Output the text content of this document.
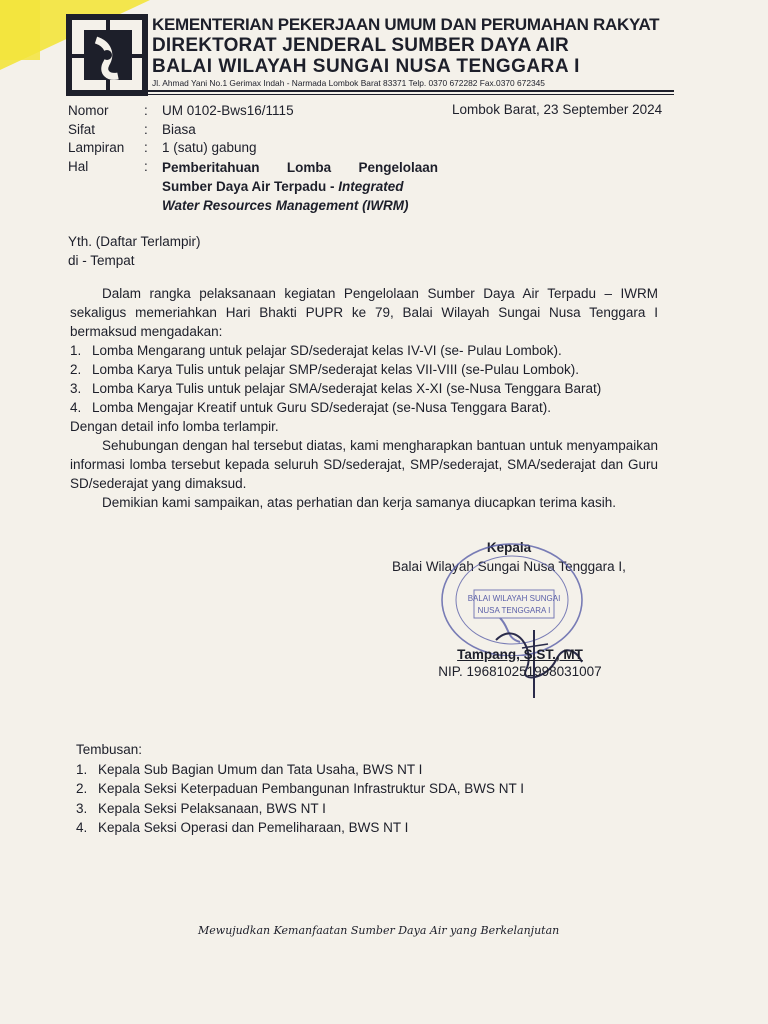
KEMENTERIAN PEKERJAAN UMUM DAN PERUMAHAN RAKYAT
DIREKTORAT JENDERAL SUMBER DAYA AIR
BALAI WILAYAH SUNGAI NUSA TENGGARA I
Jl. Ahmad Yani No.1 Gerimax Indah - Narmada Lombok Barat 83371 Telp. 0370 672282 Fax.0370 672345
Nomor	:	UM 0102-Bws16/1115
Sifat	:	Biasa
Lampiran	:	1 (satu) gabung
Hal	:	Pemberitahuan Lomba Pengelolaan
Sumber Daya Air Terpadu - Integrated
Water Resources Management (IWRM)
Lombok Barat, 23 September 2024
Yth. (Daftar Terlampir)
di - Tempat

Dalam rangka pelaksanaan kegiatan Pengelolaan Sumber Daya Air Terpadu – IWRM sekaligus memeriahkan Hari Bhakti PUPR ke 79, Balai Wilayah Sungai Nusa Tenggara I bermaksud mengadakan:

1. Lomba Mengarang untuk pelajar SD/sederajat kelas IV-VI (se- Pulau Lombok).
2. Lomba Karya Tulis untuk pelajar SMP/sederajat kelas VII-VIII (se-Pulau Lombok).
3. Lomba Karya Tulis untuk pelajar SMA/sederajat kelas X-XI (se-Nusa Tenggara Barat)
4. Lomba Mengajar Kreatif untuk Guru SD/sederajat (se-Nusa Tenggara Barat).

Dengan detail info lomba terlampir.

Sehubungan dengan hal tersebut diatas, kami mengharapkan bantuan untuk menyampaikan informasi lomba tersebut kepada seluruh SD/sederajat, SMP/sederajat, SMA/sederajat dan Guru SD/sederajat yang dimaksud.

Demikian kami sampaikan, atas perhatian dan kerja samanya diucapkan terima kasih.

Kepala
Balai Wilayah Sungai Nusa Tenggara I,
BALAI WILAYAH SUNGAI
NUSA TENGGARA I
Tampang, S.ST., MT
NIP. 196810251998031007
Tembusan:
1. Kepala Sub Bagian Umum dan Tata Usaha, BWS NT I
2. Kepala Seksi Keterpaduan Pembangunan Infrastruktur SDA, BWS NT I
3. Kepala Seksi Pelaksanaan, BWS NT I
4. Kepala Seksi Operasi dan Pemeliharaan, BWS NT I
Mewujudkan Kemanfaatan Sumber Daya Air yang Berkelanjutan
